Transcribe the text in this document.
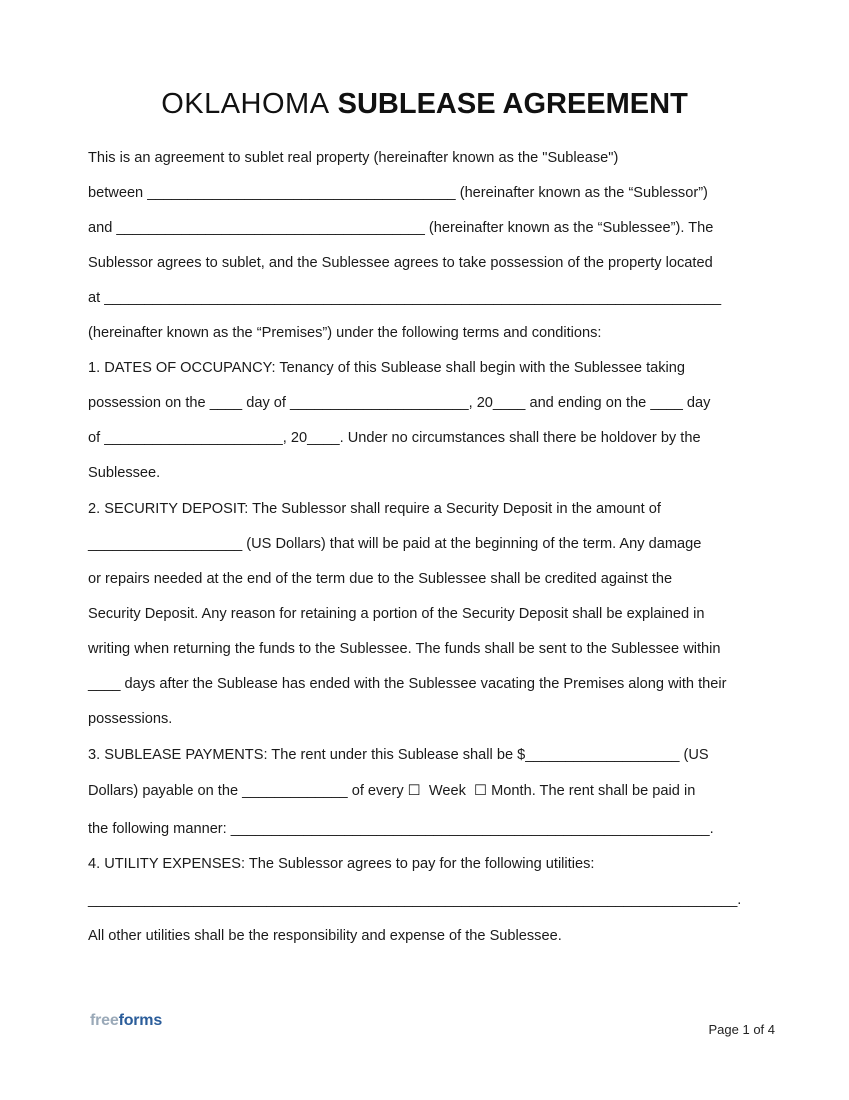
OKLAHOMA SUBLEASE AGREEMENT
This is an agreement to sublet real property (hereinafter known as the "Sublease")
between ______________________________________ (hereinafter known as the “Sublessor”)
and ______________________________________ (hereinafter known as the “Sublessee”). The
Sublessor agrees to sublet, and the Sublessee agrees to take possession of the property located
at ____________________________________________________________________________
(hereinafter known as the “Premises”) under the following terms and conditions:
1. DATES OF OCCUPANCY: Tenancy of this Sublease shall begin with the Sublessee taking
possession on the ____ day of ______________________, 20____ and ending on the ____ day
of ______________________, 20____. Under no circumstances shall there be holdover by the
Sublessee.
2. SECURITY DEPOSIT: The Sublessor shall require a Security Deposit in the amount of
___________________ (US Dollars) that will be paid at the beginning of the term. Any damage
or repairs needed at the end of the term due to the Sublessee shall be credited against the
Security Deposit. Any reason for retaining a portion of the Security Deposit shall be explained in
writing when returning the funds to the Sublessee. The funds shall be sent to the Sublessee within
____ days after the Sublease has ended with the Sublessee vacating the Premises along with their
possessions.
3. SUBLEASE PAYMENTS: The rent under this Sublease shall be $___________________ (US
Dollars) payable on the _____________ of every ☐  Week  ☐ Month. The rent shall be paid in
the following manner: ___________________________________________________________.
4. UTILITY EXPENSES: The Sublessor agrees to pay for the following utilities:
________________________________________________________________________________.
All other utilities shall be the responsibility and expense of the Sublessee.
freeforms
Page 1 of 4
